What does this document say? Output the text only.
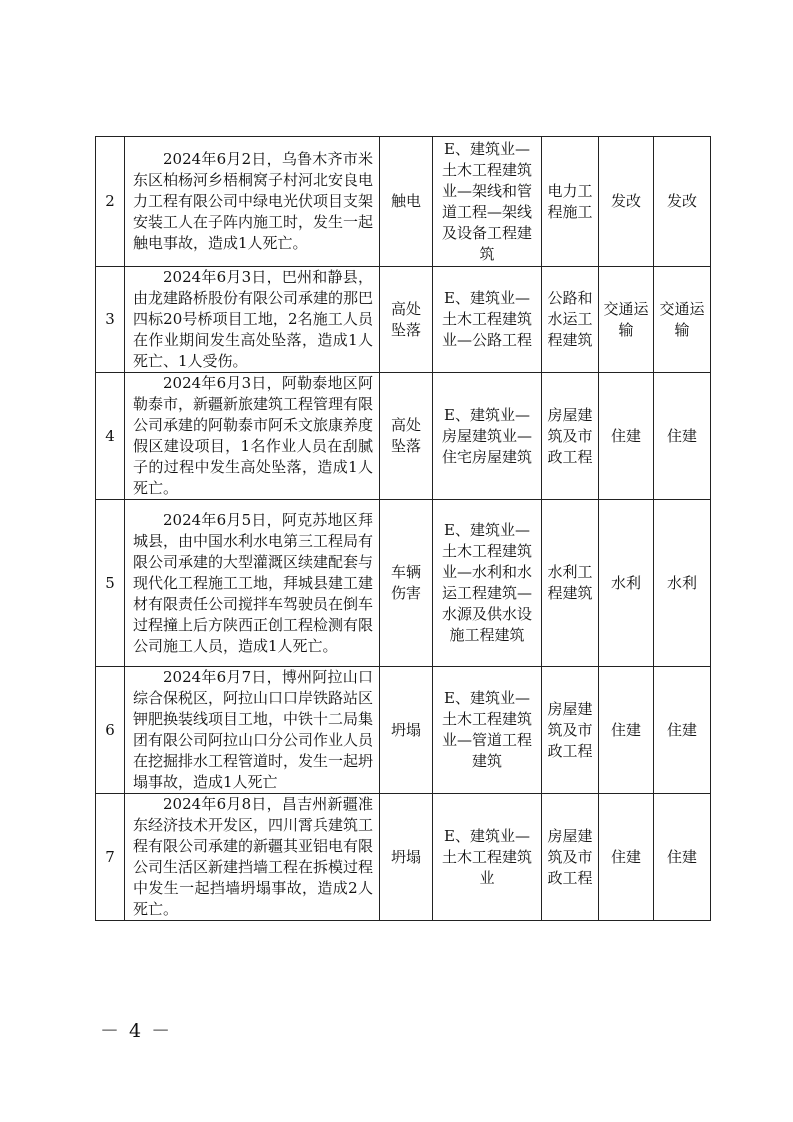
2	2024年6月2日，乌鲁木齐市米东区柏杨河乡梧桐窝子村河北安良电力工程有限公司中绿电光伏项目支架安装工人在子阵内施工时，发生一起触电事故，造成1人死亡。	触电	E、建筑业—土木工程建筑业—架线和管道工程—架线及设备工程建筑	电力工程施工	发改	发改

3	2024年6月3日，巴州和静县，由龙建路桥股份有限公司承建的那巴四标20号桥项目工地，2名施工人员在作业期间发生高处坠落，造成1人死亡、1人受伤。	高处坠落	E、建筑业—土木工程建筑业—公路工程	公路和水运工程建筑	交通运输	交通运输

4	2024年6月3日，阿勒泰地区阿勒泰市，新疆新旅建筑工程管理有限公司承建的阿勒泰市阿禾文旅康养度假区建设项目，1名作业人员在刮腻子的过程中发生高处坠落，造成1人死亡。	高处坠落	E、建筑业—房屋建筑业—住宅房屋建筑	房屋建筑及市政工程	住建	住建

5	2024年6月5日，阿克苏地区拜城县，由中国水利水电第三工程局有限公司承建的大型灌溉区续建配套与现代化工程施工工地，拜城县建工建材有限责任公司搅拌车驾驶员在倒车过程撞上后方陕西正创工程检测有限公司施工人员，造成1人死亡。	车辆伤害	E、建筑业—土木工程建筑业—水利和水运工程建筑—水源及供水设施工程建筑	水利工程建筑	水利	水利

6	2024年6月7日，博州阿拉山口综合保税区，阿拉山口口岸铁路站区钾肥换装线项目工地，中铁十二局集团有限公司阿拉山口分公司作业人员在挖掘排水工程管道时，发生一起坍塌事故，造成1人死亡	坍塌	E、建筑业—土木工程建筑业—管道工程建筑	房屋建筑及市政工程	住建	住建

7	2024年6月8日，昌吉州新疆准东经济技术开发区，四川霄兵建筑工程有限公司承建的新疆其亚铝电有限公司生活区新建挡墙工程在拆模过程中发生一起挡墙坍塌事故，造成2人死亡。	坍塌	E、建筑业—土木工程建筑业	房屋建筑及市政工程	住建	住建
－ 4 －
